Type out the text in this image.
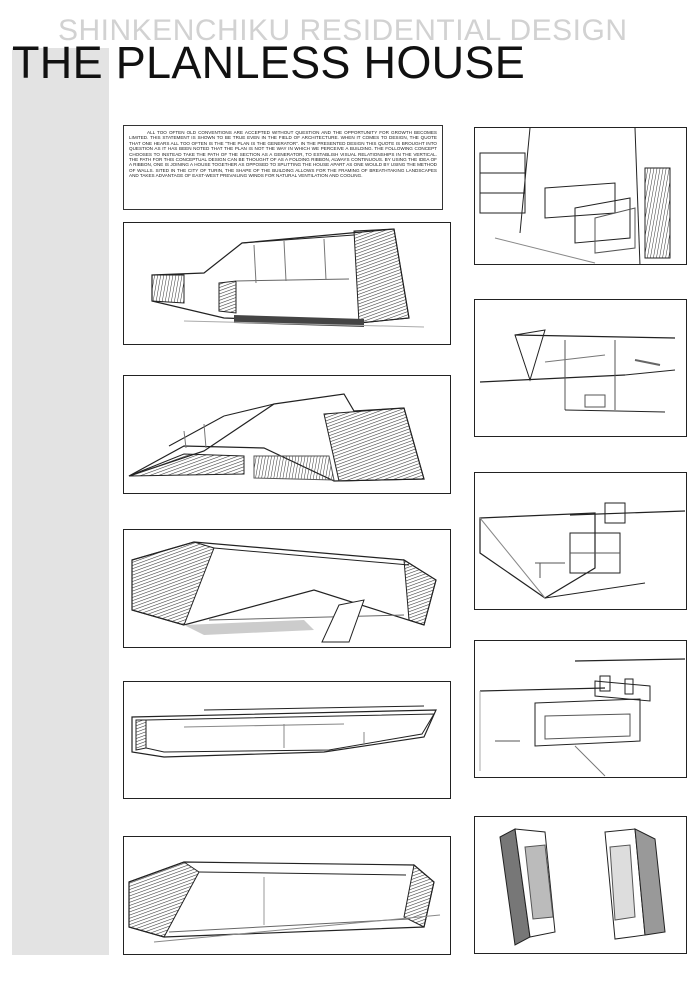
SHINKENCHIKU RESIDENTIAL DESIGN
THE PLANLESS HOUSE
ALL TOO OFTEN OLD CONVENTIONS ARE ACCEPTED WITHOUT QUESTION AND THE OPPORTUNITY FOR GROWTH BECOMES LIMITED. THIS STATEMENT IS SHOWN TO BE TRUE EVEN IN THE FIELD OF ARCHITECTURE. WHEN IT COMES TO DESIGN, THE QUOTE THAT ONE HEARS ALL TOO OFTEN IS THE "THE PLAN IS THE GENERATOR". IN THE PRESENTED DESIGN THIS QUOTE IS BROUGHT INTO QUESTION AS IT HAS BEEN NOTED THAT THE PLAN IS NOT THE WAY IN WHICH WE PERCEIVE A BUILDING. THE FOLLOWING CONCEPT CHOOSES TO INSTEAD TAKE THE PATH OF THE SECTION AS A GENERATOR, TO ESTABLISH VISUAL RELATIONSHIPS IN THE VERTICAL. THE PATH FOR THIS CONCEPTUAL DESIGN CAN BE THOUGHT OF AS A FOLDING RIBBON, ALWAYS CONTINUOUS. BY USING THE IDEA OF A RIBBON, ONE IS JOINING A HOUSE TOGETHER AS OPPOSED TO SPLITTING THE HOUSE APART AS ONE WOULD BY USING THE METHOD OF WALLS. SITED IN THE CITY OF TURIN, THE SHAPE OF THE BUILDING ALLOWS FOR THE FRAMING OF BREATHTAKING LANDSCAPES AND TAKES ADVANTAGE OF EAST-WEST PREVAILING WINDS FOR NATURAL VENTILATION AND COOLING.
